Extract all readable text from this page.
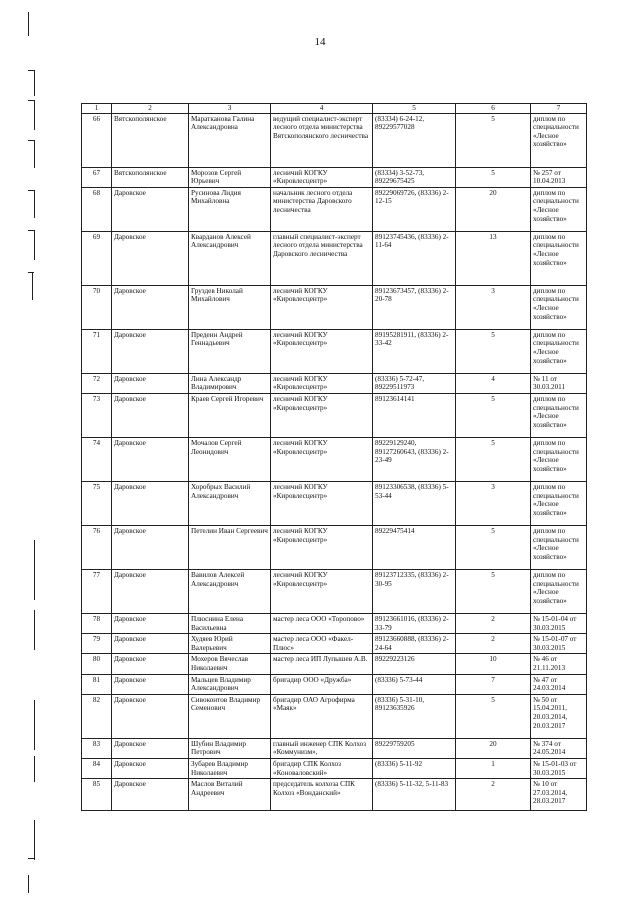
14
1	2	3	4	5	6	7
66	Вятскополянское	Маратканова Галина Александровна	ведущий специалист-эксперт лесного отдела министерства Вятскополянского лесничества	(83334) 6-24-12, 89229577028	5	диплом по специальности «Лесное хозяйство»
67	Вятскополянское	Морозов Сергей Юрьевич	лесничий КОГКУ «Кировлесцентр»	(83334) 3-52-73, 89229675425	5	№ 257 от 10.04.2013
68	Даровское	Русинова Лидия Михайловна	начальник лесного отдела министерства Даровского лесничества	89229069726, (83336) 2-12-15	20	диплом по специальности «Лесное хозяйство»
69	Даровское	Кварданов Алексей Александрович	главный специалист-эксперт лесного отдела министерства Даровского лесничества	89123745436, (83336) 2-11-64	13	диплом по специальности «Лесное хозяйство»
70	Даровское	Груздев Николай Михайлович	лесничий КОГКУ «Кировлесцентр»	89123673457, (83336) 2-20-78	3	диплом по специальности «Лесное хозяйство»
71	Даровское	Предеин Андрей Геннадьевич	лесничий КОГКУ «Кировлесцентр»	89195281911, (83336) 2-33-42	5	диплом по специальности «Лесное хозяйство»
72	Даровское	Лина Александр Владимирович	лесничий КОГКУ «Кировлесцентр»	(83336) 5-72-47, 89229511973	4	№ 11 от 30.03.2011
73	Даровское	Краев Сергей Игоревич	лесничий КОГКУ «Кировлесцентр»	89123614141	5	диплом по специальности «Лесное хозяйство»
74	Даровское	Мочалов Сергей Леонидович	лесничий КОГКУ «Кировлесцентр»	89229129240, 89127260643, (83336) 2-23-49	5	диплом по специальности «Лесное хозяйство»
75	Даровское	Хоробрых Василий Александрович	лесничий КОГКУ «Кировлесцентр»	89123306538, (83336) 5-53-44	3	диплом по специальности «Лесное хозяйство»
76	Даровское	Петелин Иван Сергеевич	лесничий КОГКУ «Кировлесцентр»	89229475414	5	диплом по специальности «Лесное хозяйство»
77	Даровское	Вавилов Алексей Александрович	лесничий КОГКУ «Кировлесцентр»	89123712335, (83336) 2-30-95	5	диплом по специальности «Лесное хозяйство»
78	Даровское	Плюснина Елена Васильевна	мастер леса ООО «Торопово»	89123661016, (83336) 2-33-79	2	№ 15-01-04 от 30.03.2015
79	Даровское	Худяев Юрий Валерьевич	мастер леса ООО «Факел-Плюс»	89123660888, (83336) 2-24-64	2	№ 15-01-07 от 30.03.2015
80	Даровское	Мохеров Вячеслав Николаевич	мастер леса ИП Лупышев А.В.	89229223126	10	№ 46 от 21.11.2013
81	Даровское	Мальцев Владимир Александрович	бригадир ООО «Дружба»	(83336) 5-73-44	7	№ 47 от 24.03.2014
82	Даровское	Сивоконтов Владимир Семенович	бригадир ОАО Агрофирма «Маяк»	(83336) 5-31-10, 89123635926	5	№ 50 от 15.04.2011, 20.03.2014, 20.03.2017
83	Даровское	Шубин Владимир Петрович	главный инженер СПК Колхоз «Коммунизм»,	89229759205	20	№ 374 от 24.05.2014
84	Даровское	Зубарев Владимир Николаевич	бригадир СПК Колхоз «Коноваловский»	(83336) 5-11-92	1	№ 15-01-03 от 30.03.2015
85	Даровское	Маслов Виталий Андреевич	председатель колхоза СПК Колхоз «Вонданский»	(83336) 5-11-32, 5-11-83	2	№ 10 от 27.03.2014, 28.03.2017
